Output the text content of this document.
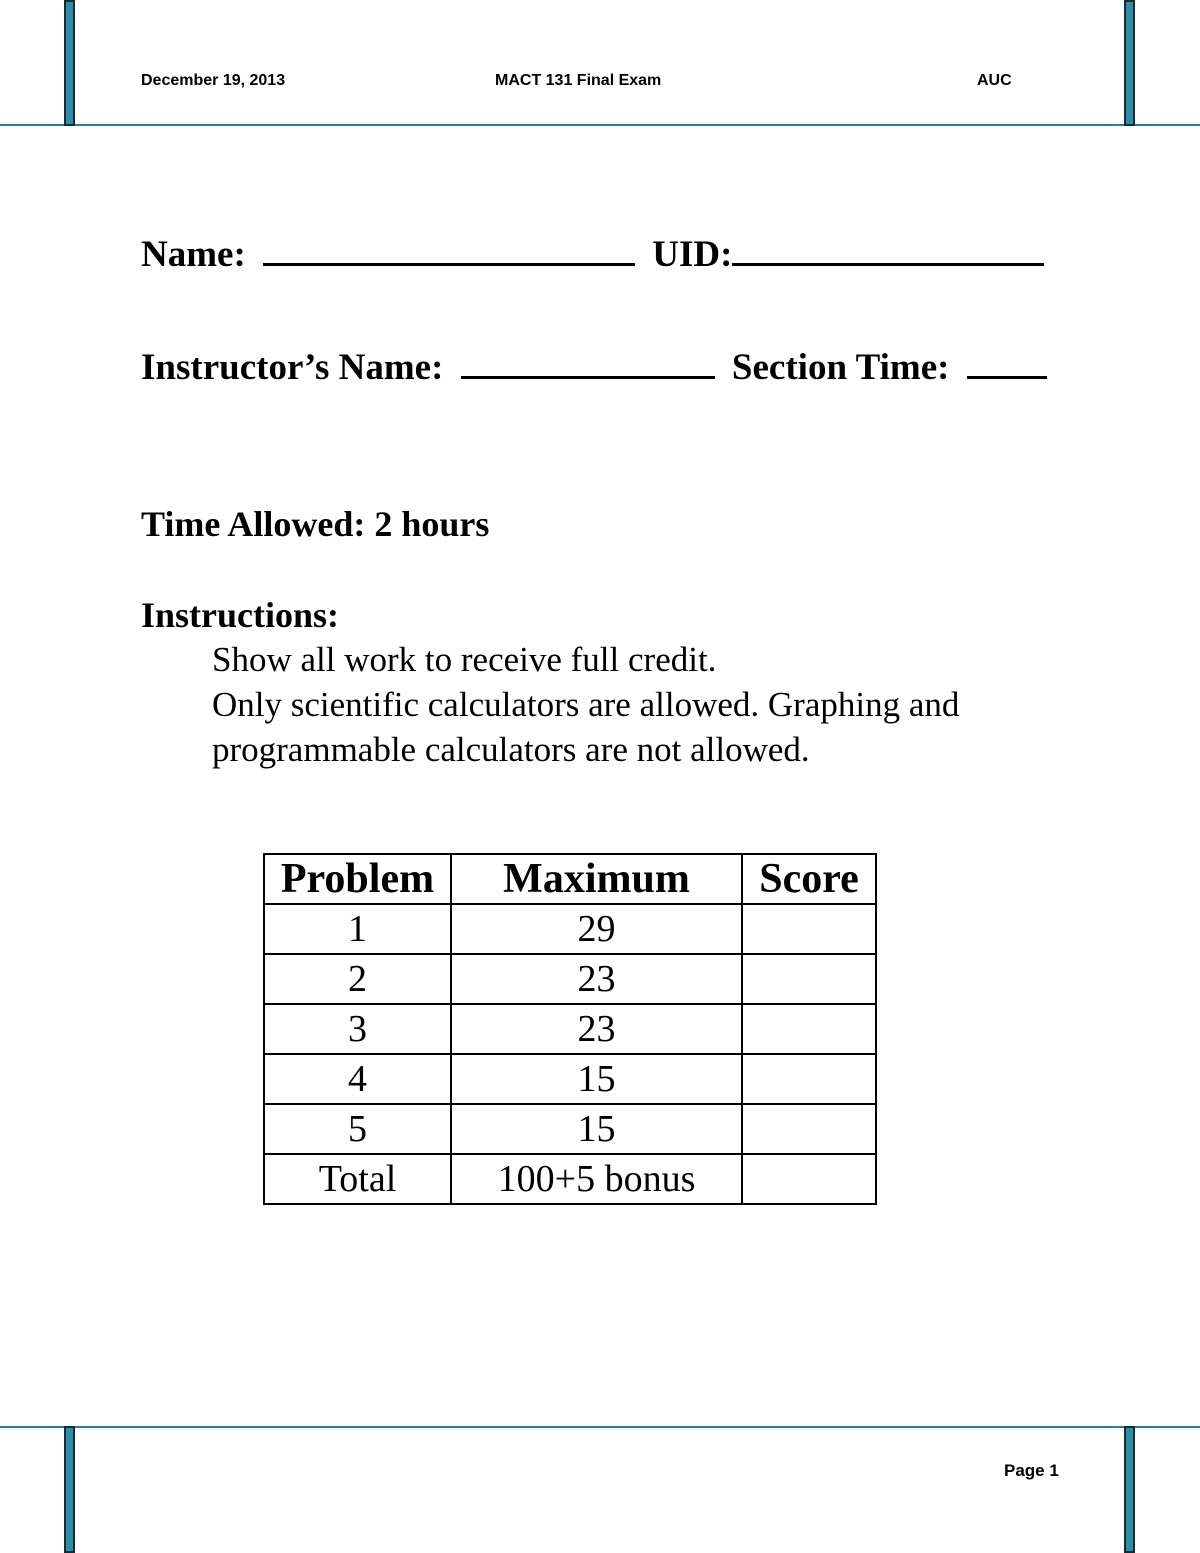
December 19, 2013	MACT 131 Final Exam	AUC
Name:	UID:
Instructor’s Name:	Section Time:
Time Allowed: 2 hours
Instructions:
Show all work to receive full credit.
Only scientific calculators are allowed. Graphing and
programmable calculators are not allowed.
Problem	Maximum	Score
1	29	
2	23	
3	23	
4	15	
5	15	
Total	100+5 bonus	
Page 1
